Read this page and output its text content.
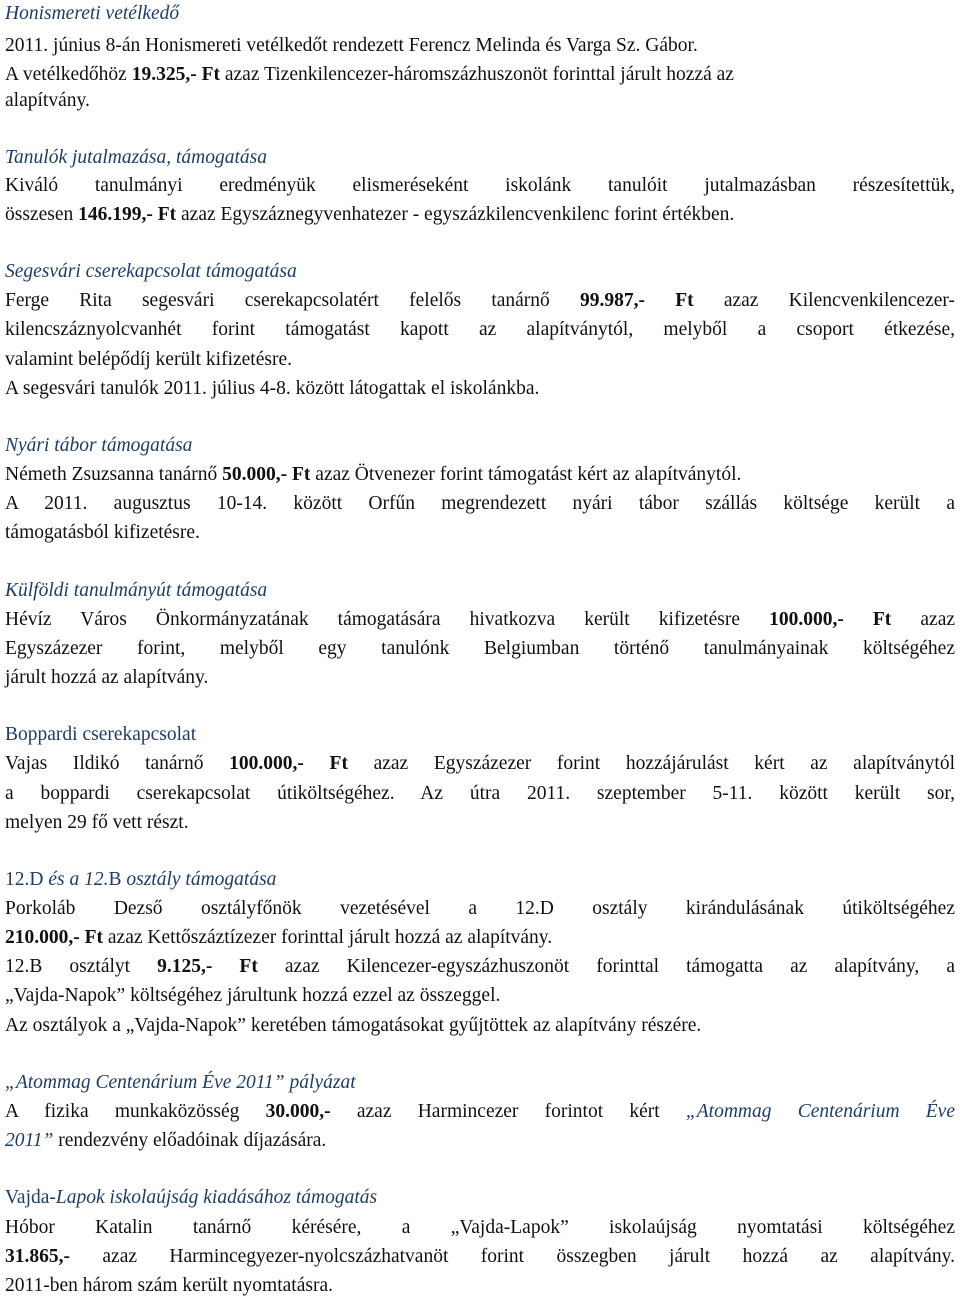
Honismereti vetélkedő
2011. június 8-án Honismereti vetélkedőt rendezett Ferencz Melinda és Varga Sz. Gábor.
A vetélkedőhöz 19.325,- Ft azaz Tizenkilencezer-háromszázhuszonöt forinttal járult hozzá az
alapítvány.
Tanulók jutalmazása, támogatása
Kiváló tanulmányi eredményük elismeréseként iskolánk tanulóit jutalmazásban részesítettük,
összesen 146.199,- Ft azaz Egyszáznegyvenhatezer - egyszázkilencvenkilenc forint értékben.
Segesvári cserekapcsolat támogatása
Ferge Rita segesvári cserekapcsolatért felelős tanárnő 99.987,- Ft azaz Kilencvenkilencezer-
kilencszáznyolcvanhét forint támogatást kapott az alapítványtól, melyből a csoport étkezése,
valamint belépődíj került kifizetésre.
A segesvári tanulók 2011. július 4-8. között látogattak el iskolánkba.
Nyári tábor támogatása
Németh Zsuzsanna tanárnő 50.000,- Ft azaz Ötvenezer forint támogatást kért az alapítványtól.
A 2011. augusztus 10-14. között Orfűn megrendezett nyári tábor szállás költsége került a
támogatásból kifizetésre.
Külföldi tanulmányút támogatása
Hévíz Város Önkormányzatának támogatására hivatkozva került kifizetésre 100.000,- Ft azaz
Egyszázezer forint, melyből egy tanulónk Belgiumban történő tanulmányainak költségéhez
járult hozzá az alapítvány.
Boppardi cserekapcsolat
Vajas Ildikó tanárnő 100.000,- Ft azaz Egyszázezer forint hozzájárulást kért az alapítványtól
a boppardi cserekapcsolat útiköltségéhez. Az útra 2011. szeptember 5-11. között került sor,
melyen 29 fő vett részt.
12.D és a 12.B osztály támogatása
Porkoláb Dezső osztályfőnök vezetésével a 12.D osztály kirándulásának útiköltségéhez
210.000,- Ft azaz Kettőszáztízezer forinttal járult hozzá az alapítvány.
12.B osztályt 9.125,- Ft azaz Kilencezer-egyszázhuszonöt forinttal támogatta az alapítvány, a
„Vajda-Napok” költségéhez járultunk hozzá ezzel az összeggel.
Az osztályok a „Vajda-Napok” keretében támogatásokat gyűjtöttek az alapítvány részére.
„Atommag Centenárium Éve 2011” pályázat
A fizika munkaközösség 30.000,- azaz Harmincezer forintot kért „Atommag Centenárium Éve
2011” rendezvény előadóinak díjazására.
Vajda-Lapok iskolaújság kiadásához támogatás
Hóbor Katalin tanárnő kérésére, a „Vajda-Lapok” iskolaújság nyomtatási költségéhez
31.865,- azaz Harmincegyezer-nyolcszázhatvanöt forint összegben járult hozzá az alapítvány.
2011-ben három szám került nyomtatásra.
